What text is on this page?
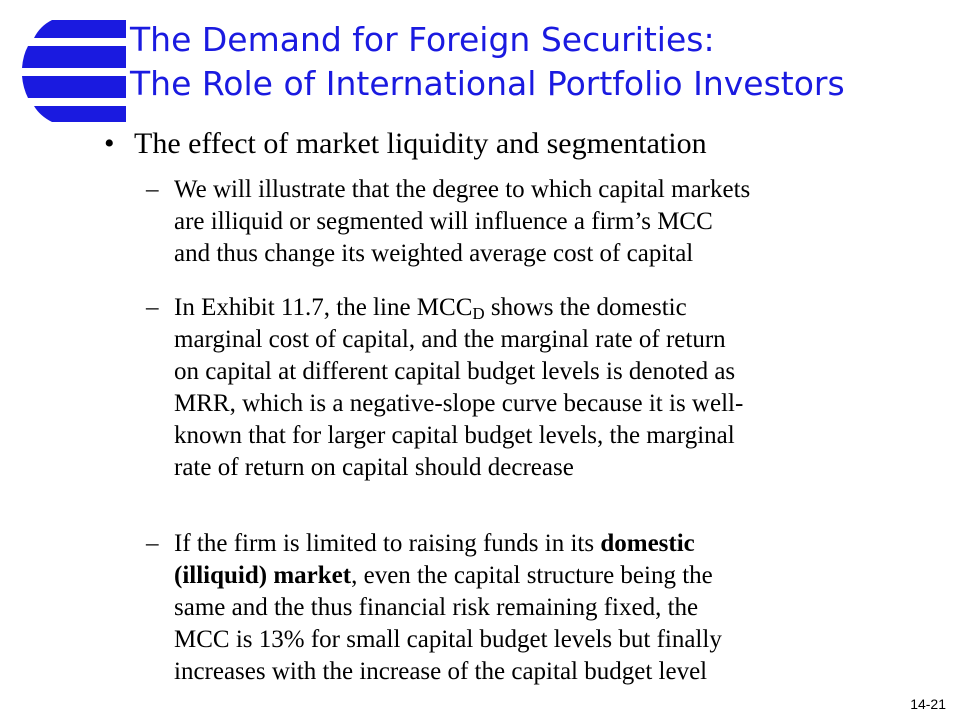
The Demand for Foreign Securities:
The Role of International Portfolio Investors
• The effect of market liquidity and segmentation
– We will illustrate that the degree to which capital markets
are illiquid or segmented will influence a firm’s MCC
and thus change its weighted average cost of capital
– In Exhibit 11.7, the line $MCC_D$ shows the domestic
marginal cost of capital, and the marginal rate of return
on capital at different capital budget levels is denoted as
MRR, which is a negative-slope curve because it is well-
known that for larger capital budget levels, the marginal
rate of return on capital should decrease
– If the firm is limited to raising funds in its domestic
(illiquid) market, even the capital structure being the
same and the thus financial risk remaining fixed, the
MCC is 13% for small capital budget levels but finally
increases with the increase of the capital budget level
14-21
